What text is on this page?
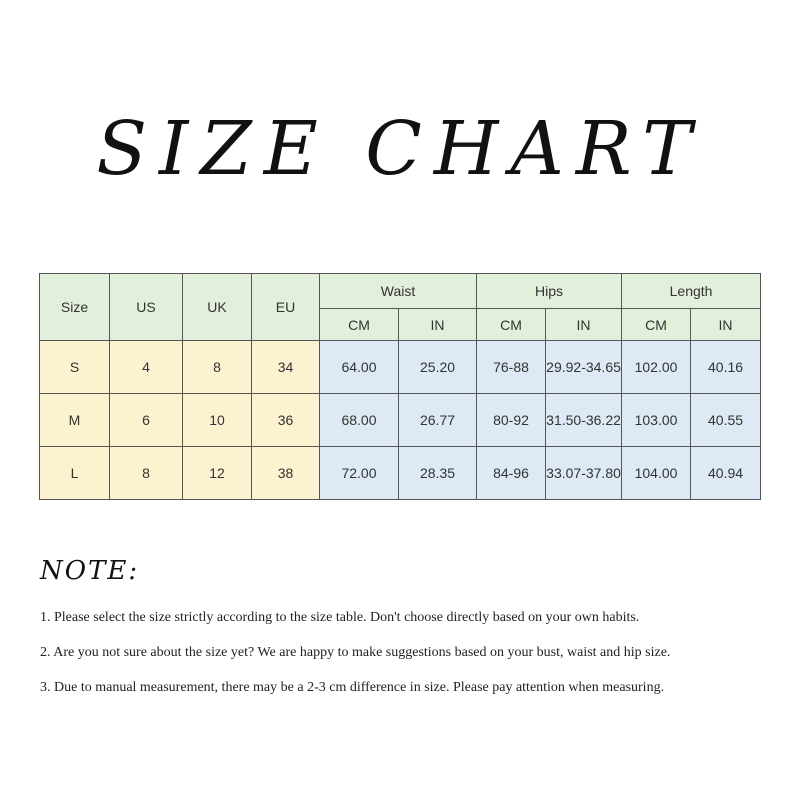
SIZE CHART
Size	US	UK	EU	Waist		Hips		Length	
				CM	IN	CM	IN	CM	IN
S	4	8	34	64.00	25.20	76-88	29.92-34.65	102.00	40.16
M	6	10	36	68.00	26.77	80-92	31.50-36.22	103.00	40.55
L	8	12	38	72.00	28.35	84-96	33.07-37.80	104.00	40.94
NOTE:
1. Please select the size strictly according to the size table. Don't choose directly based on your own habits.
2. Are you not sure about the size yet? We are happy to make suggestions based on your bust, waist and hip size.
3. Due to manual measurement, there may be a 2-3 cm difference in size. Please pay attention when measuring.
